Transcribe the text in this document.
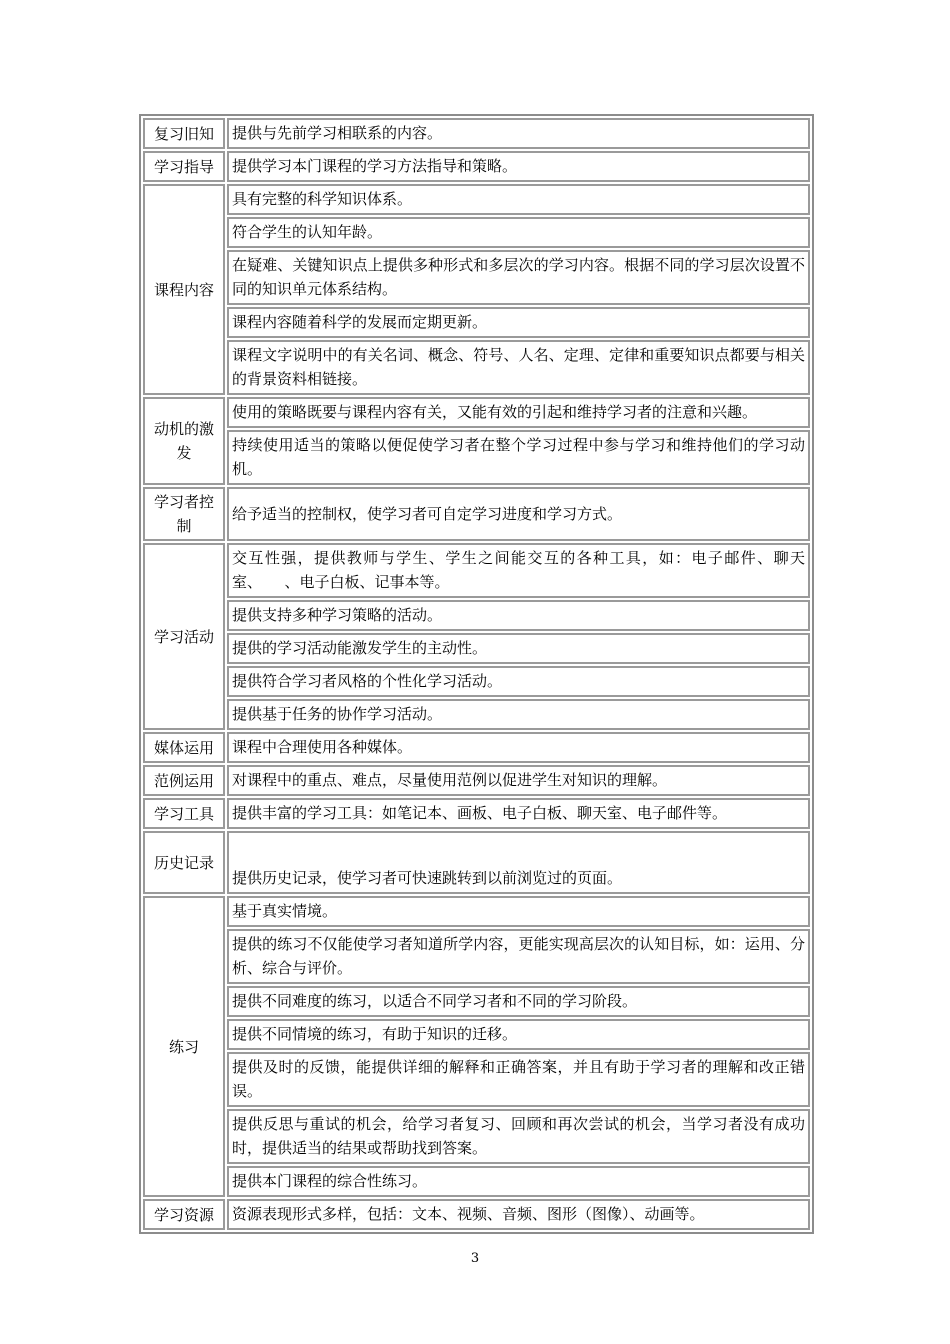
复习旧知	提供与先前学习相联系的内容。
学习指导	提供学习本门课程的学习方法指导和策略。
课程内容	具有完整的科学知识体系。
	符合学生的认知年龄。
	在疑难、关键知识点上提供多种形式和多层次的学习内容。根据不同的学习层次设置不同的知识单元体系结构。
	课程内容随着科学的发展而定期更新。
	课程文字说明中的有关名词、概念、符号、人名、定理、定律和重要知识点都要与相关的背景资料相链接。
动机的激发	使用的策略既要与课程内容有关，又能有效的引起和维持学习者的注意和兴趣。
	持续使用适当的策略以便促使学习者在整个学习过程中参与学习和维持他们的学习动机。
学习者控制	给予适当的控制权，使学习者可自定学习进度和学习方式。
学习活动	交互性强，提供教师与学生、学生之间能交互的各种工具，如：电子邮件、聊天室、　　、电子白板、记事本等。
	提供支持多种学习策略的活动。
	提供的学习活动能激发学生的主动性。
	提供符合学习者风格的个性化学习活动。
	提供基于任务的协作学习活动。
媒体运用	课程中合理使用各种媒体。
范例运用	对课程中的重点、难点，尽量使用范例以促进学生对知识的理解。
学习工具	提供丰富的学习工具：如笔记本、画板、电子白板、聊天室、电子邮件等。
历史记录	提供历史记录，使学习者可快速跳转到以前浏览过的页面。
练习	基于真实情境。
	提供的练习不仅能使学习者知道所学内容，更能实现高层次的认知目标，如：运用、分析、综合与评价。
	提供不同难度的练习，以适合不同学习者和不同的学习阶段。
	提供不同情境的练习，有助于知识的迁移。
	提供及时的反馈，能提供详细的解释和正确答案，并且有助于学习者的理解和改正错误。
	提供反思与重试的机会，给学习者复习、回顾和再次尝试的机会，当学习者没有成功时，提供适当的结果或帮助找到答案。
	提供本门课程的综合性练习。
学习资源	资源表现形式多样，包括：文本、视频、音频、图形（图像）、动画等。
3
